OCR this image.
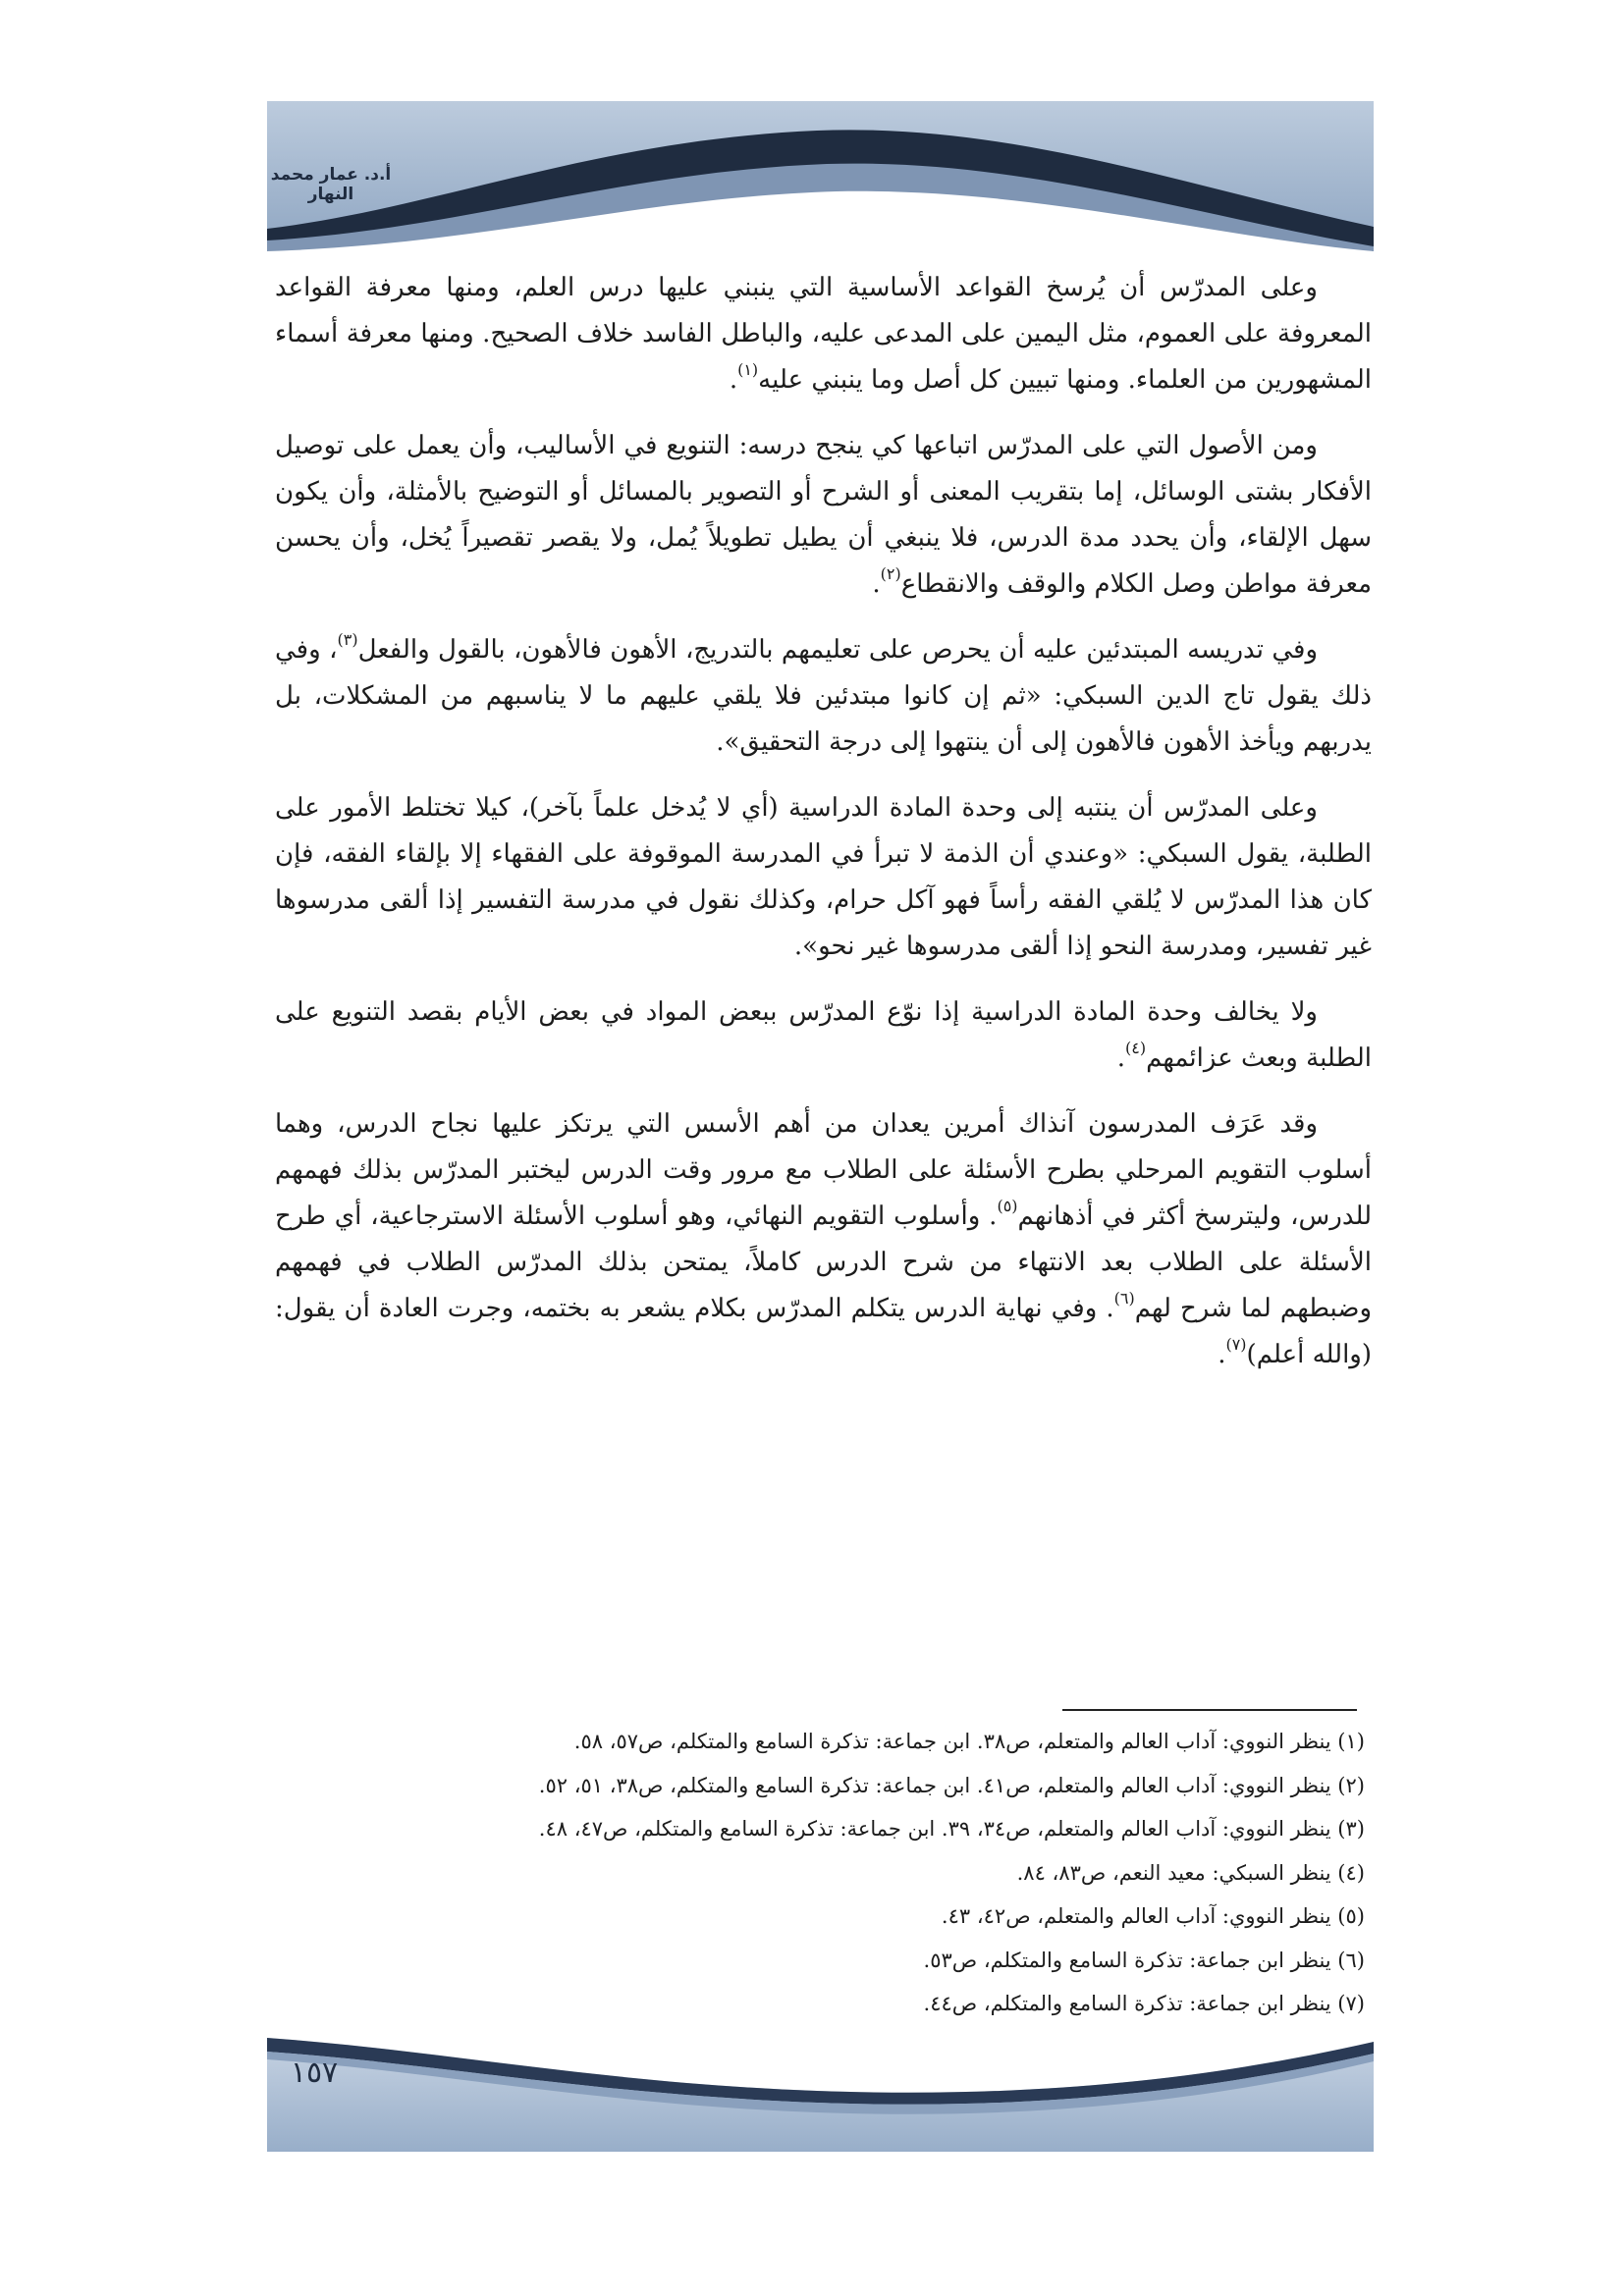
أ.د. عمار محمد النهار

وعلى المدرّس أن يُرسخ القواعد الأساسية التي ينبني عليها درس العلم، ومنها معرفة القواعد المعروفة على العموم، مثل اليمين على المدعى عليه، والباطل الفاسد خلاف الصحيح. ومنها معرفة أسماء المشهورين من العلماء. ومنها تبيين كل أصل وما ينبني عليه$^{(١)}$.

ومن الأصول التي على المدرّس اتباعها كي ينجح درسه: التنويع في الأساليب، وأن يعمل على توصيل الأفكار بشتى الوسائل، إما بتقريب المعنى أو الشرح أو التصوير بالمسائل أو التوضيح بالأمثلة، وأن يكون سهل الإلقاء، وأن يحدد مدة الدرس، فلا ينبغي أن يطيل تطويلاً يُمل، ولا يقصر تقصيراً يُخل، وأن يحسن معرفة مواطن وصل الكلام والوقف والانقطاع$^{(٢)}$.

وفي تدريسه المبتدئين عليه أن يحرص على تعليمهم بالتدريج، الأهون فالأهون، بالقول والفعل$^{(٣)}$، وفي ذلك يقول تاج الدين السبكي: «ثم إن كانوا مبتدئين فلا يلقي عليهم ما لا يناسبهم من المشكلات، بل يدربهم ويأخذ الأهون فالأهون إلى أن ينتهوا إلى درجة التحقيق».

وعلى المدرّس أن ينتبه إلى وحدة المادة الدراسية (أي لا يُدخل علماً بآخر)، كيلا تختلط الأمور على الطلبة، يقول السبكي: «وعندي أن الذمة لا تبرأ في المدرسة الموقوفة على الفقهاء إلا بإلقاء الفقه، فإن كان هذا المدرّس لا يُلقي الفقه رأساً فهو آكل حرام، وكذلك نقول في مدرسة التفسير إذا ألقى مدرسوها غير تفسير، ومدرسة النحو إذا ألقى مدرسوها غير نحو».

ولا يخالف وحدة المادة الدراسية إذا نوّع المدرّس ببعض المواد في بعض الأيام بقصد التنويع على الطلبة وبعث عزائمهم$^{(٤)}$.

وقد عَرَف المدرسون آنذاك أمرين يعدان من أهم الأسس التي يرتكز عليها نجاح الدرس، وهما أسلوب التقويم المرحلي بطرح الأسئلة على الطلاب مع مرور وقت الدرس ليختبر المدرّس بذلك فهمهم للدرس، وليترسخ أكثر في أذهانهم$^{(٥)}$. وأسلوب التقويم النهائي، وهو أسلوب الأسئلة الاسترجاعية، أي طرح الأسئلة على الطلاب بعد الانتهاء من شرح الدرس كاملاً، يمتحن بذلك المدرّس الطلاب في فهمهم وضبطهم لما شرح لهم$^{(٦)}$. وفي نهاية الدرس يتكلم المدرّس بكلام يشعر به بختمه، وجرت العادة أن يقول: (والله أعلم)$^{(٧)}$.

(١) ينظر النووي: آداب العالم والمتعلم، ص٣٨. ابن جماعة: تذكرة السامع والمتكلم، ص٥٧، ٥٨.

(٢) ينظر النووي: آداب العالم والمتعلم، ص٤١. ابن جماعة: تذكرة السامع والمتكلم، ص٣٨، ٥١، ٥٢.

(٣) ينظر النووي: آداب العالم والمتعلم، ص٣٤، ٣٩. ابن جماعة: تذكرة السامع والمتكلم، ص٤٧، ٤٨.

(٤) ينظر السبكي: معيد النعم، ص٨٣، ٨٤.

(٥) ينظر النووي: آداب العالم والمتعلم، ص٤٢، ٤٣.

(٦) ينظر ابن جماعة: تذكرة السامع والمتكلم، ص٥٣.

(٧) ينظر ابن جماعة: تذكرة السامع والمتكلم، ص٤٤.

١٥٧
